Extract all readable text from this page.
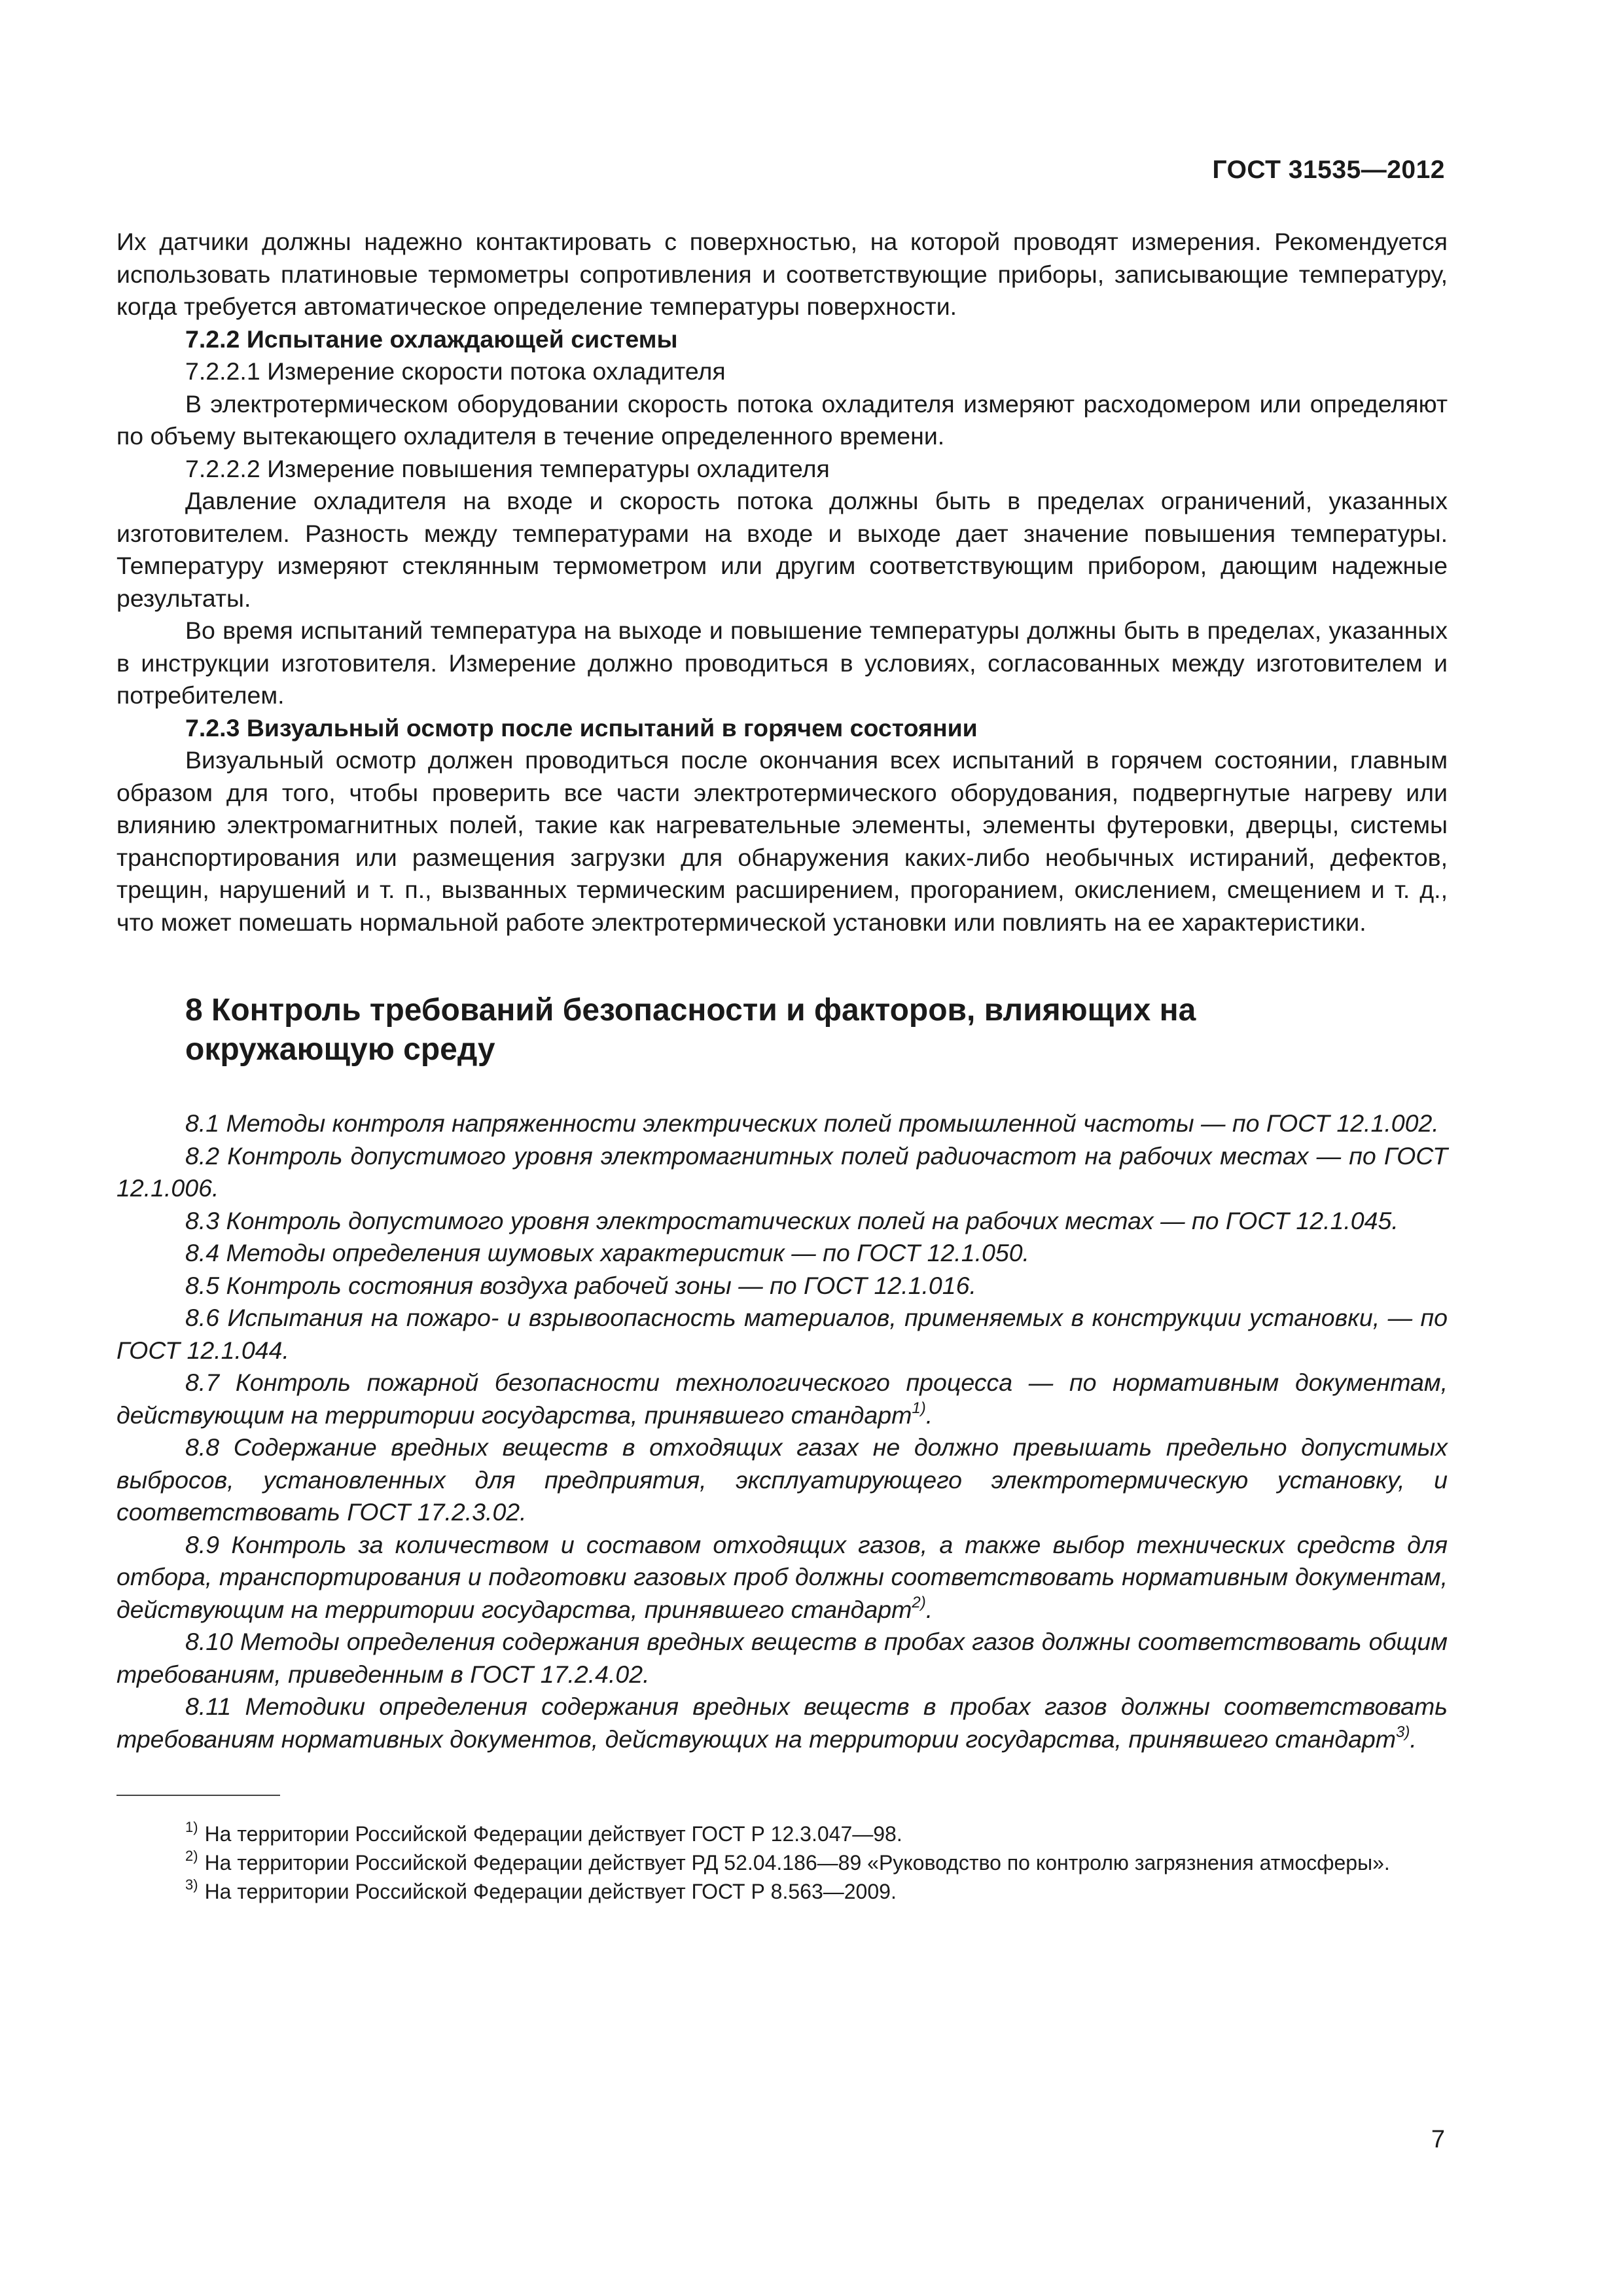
ГОСТ 31535—2012

Их датчики должны надежно контактировать с поверхностью, на которой проводят измерения. Рекомендуется использовать платиновые термометры сопротивления и соответствующие приборы, записывающие температуру, когда требуется автоматическое определение температуры поверхности.

7.2.2 Испытание охлаждающей системы

7.2.2.1 Измерение скорости потока охладителя

В электротермическом оборудовании скорость потока охладителя измеряют расходомером или определяют по объему вытекающего охладителя в течение определенного времени.

7.2.2.2 Измерение повышения температуры охладителя

Давление охладителя на входе и скорость потока должны быть в пределах ограничений, указанных изготовителем. Разность между температурами на входе и выходе дает значение повышения температуры. Температуру измеряют стеклянным термометром или другим соответствующим прибором, дающим надежные результаты.

Во время испытаний температура на выходе и повышение температуры должны быть в пределах, указанных в инструкции изготовителя. Измерение должно проводиться в условиях, согласованных между изготовителем и потребителем.

7.2.3 Визуальный осмотр после испытаний в горячем состоянии

Визуальный осмотр должен проводиться после окончания всех испытаний в горячем состоянии, главным образом для того, чтобы проверить все части электротермического оборудования, подвергнутые нагреву или влиянию электромагнитных полей, такие как нагревательные элементы, элементы футеровки, дверцы, системы транспортирования или размещения загрузки для обнаружения каких-либо необычных истираний, дефектов, трещин, нарушений и т. п., вызванных термическим расширением, прогоранием, окислением, смещением и т. д., что может помешать нормальной работе электротермической установки или повлиять на ее характеристики.

8 Контроль требований безопасности и факторов, влияющих на окружающую среду

8.1 Методы контроля напряженности электрических полей промышленной частоты — по ГОСТ 12.1.002.

8.2 Контроль допустимого уровня электромагнитных полей радиочастот на рабочих местах — по ГОСТ 12.1.006.

8.3 Контроль допустимого уровня электростатических полей на рабочих местах — по ГОСТ 12.1.045.

8.4 Методы определения шумовых характеристик — по ГОСТ 12.1.050.

8.5 Контроль состояния воздуха рабочей зоны — по ГОСТ 12.1.016.

8.6 Испытания на пожаро- и взрывоопасность материалов, применяемых в конструкции установки, — по ГОСТ 12.1.044.

8.7 Контроль пожарной безопасности технологического процесса — по нормативным документам, действующим на территории государства, принявшего стандарт$^{1)}$.

8.8 Содержание вредных веществ в отходящих газах не должно превышать предельно допустимых выбросов, установленных для предприятия, эксплуатирующего электротермическую установку, и соответствовать ГОСТ 17.2.3.02.

8.9 Контроль за количеством и составом отходящих газов, а также выбор технических средств для отбора, транспортирования и подготовки газовых проб должны соответствовать нормативным документам, действующим на территории государства, принявшего стандарт$^{2)}$.

8.10 Методы определения содержания вредных веществ в пробах газов должны соответствовать общим требованиям, приведенным в ГОСТ 17.2.4.02.

8.11 Методики определения содержания вредных веществ в пробах газов должны соответствовать требованиям нормативных документов, действующих на территории государства, принявшего стандарт$^{3)}$.

$^{1)}$ На территории Российской Федерации действует ГОСТ Р 12.3.047—98.

$^{2)}$ На территории Российской Федерации действует РД 52.04.186—89 «Руководство по контролю загрязнения атмосферы».

$^{3)}$ На территории Российской Федерации действует ГОСТ Р 8.563—2009.

7
